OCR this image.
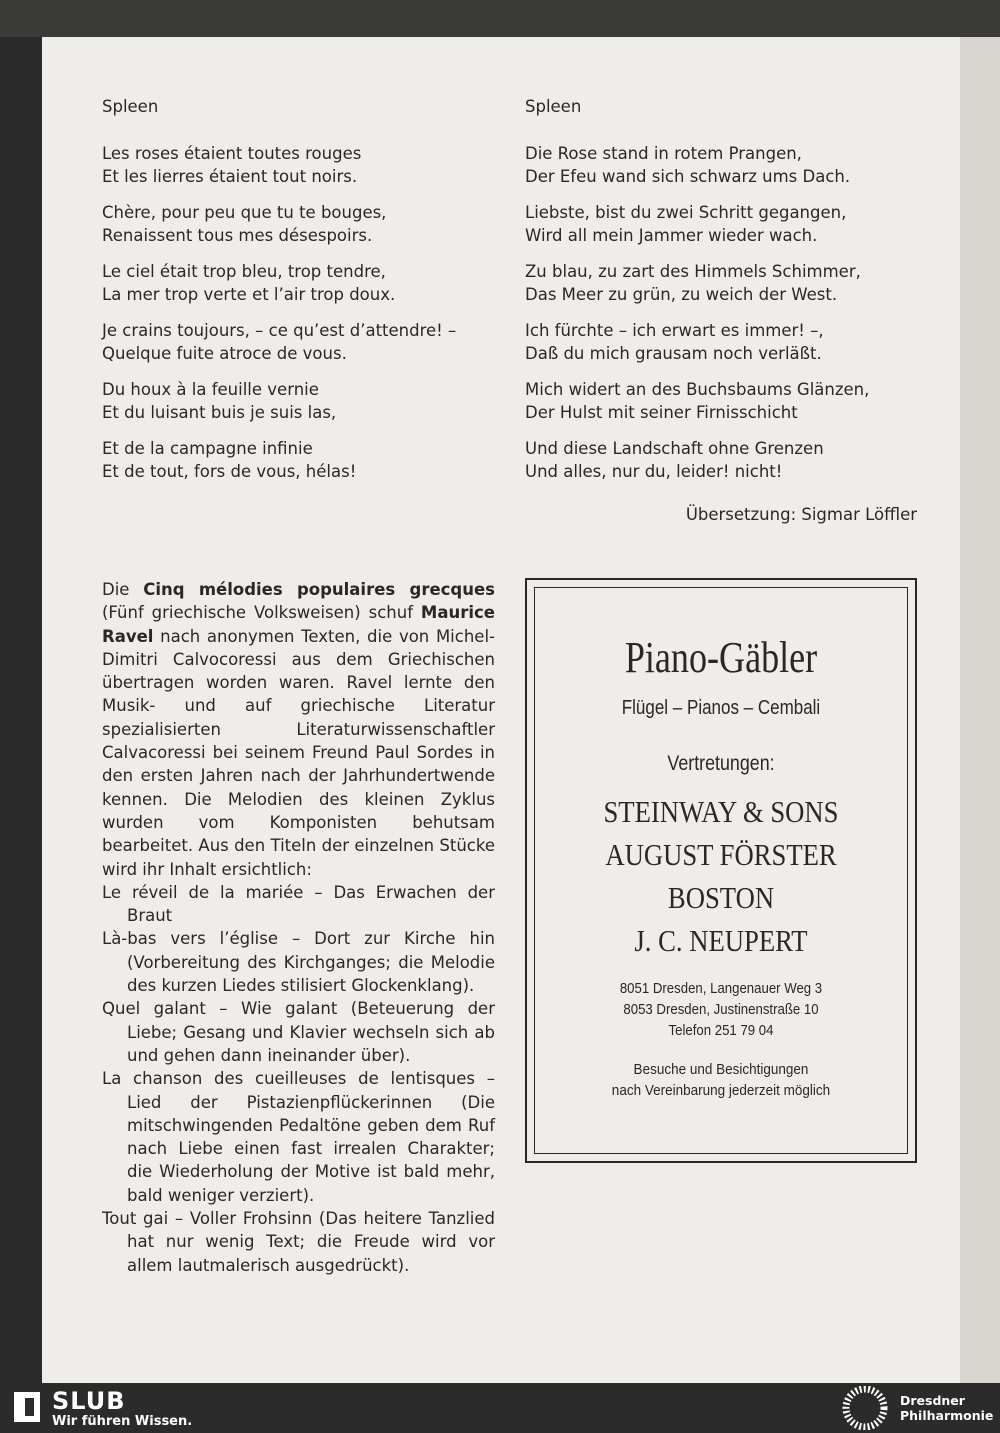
Spleen
Les roses étaient toutes rouges
Et les lierres étaient tout noirs.
Chère, pour peu que tu te bouges,
Renaissent tous mes désespoirs.
Le ciel était trop bleu, trop tendre,
La mer trop verte et l’air trop doux.
Je crains toujours, – ce qu’est d’attendre! –
Quelque fuite atroce de vous.
Du houx à la feuille vernie
Et du luisant buis je suis las,
Et de la campagne infinie
Et de tout, fors de vous, hélas!
Spleen
Die Rose stand in rotem Prangen,
Der Efeu wand sich schwarz ums Dach.
Liebste, bist du zwei Schritt gegangen,
Wird all mein Jammer wieder wach.
Zu blau, zu zart des Himmels Schimmer,
Das Meer zu grün, zu weich der West.
Ich fürchte – ich erwart es immer! –,
Daß du mich grausam noch verläßt.
Mich widert an des Buchsbaums Glänzen,
Der Hulst mit seiner Firnisschicht
Und diese Landschaft ohne Grenzen
Und alles, nur du, leider! nicht!
Übersetzung: Sigmar Löffler

Die Cinq mélodies populaires grecques (Fünf griechische Volksweisen) schuf Maurice Ravel nach anonymen Texten, die von Michel-Dimitri Calvocoressi aus dem Griechischen übertragen worden waren. Ravel lernte den Musik- und auf griechische Literatur spezialisierten Literaturwissenschaftler Calvacoressi bei seinem Freund Paul Sordes in den ersten Jahren nach der Jahrhundertwende kennen. Die Melodien des kleinen Zyklus wurden vom Komponisten behutsam bearbeitet. Aus den Titeln der einzelnen Stücke wird ihr Inhalt ersichtlich:

Le réveil de la mariée – Das Erwachen der Braut

Là-bas vers l’église – Dort zur Kirche hin (Vorbereitung des Kirchganges; die Melodie des kurzen Liedes stilisiert Glockenklang).

Quel galant – Wie galant (Beteuerung der Liebe; Gesang und Klavier wechseln sich ab und gehen dann ineinander über).

La chanson des cueilleuses de lentisques – Lied der Pistazienpflückerinnen (Die mitschwingenden Pedaltöne geben dem Ruf nach Liebe einen fast irrealen Charakter; die Wiederholung der Motive ist bald mehr, bald weniger verziert).

Tout gai – Voller Frohsinn (Das heitere Tanzlied hat nur wenig Text; die Freude wird vor allem lautmalerisch ausgedrückt).

Piano-Gäbler
Flügel – Pianos – Cembali
Vertretungen:
STEINWAY & SONS
AUGUST FÖRSTER
BOSTON
J. C. NEUPERT
8051 Dresden, Langenauer Weg 3
8053 Dresden, Justinenstraße 10
Telefon 251 79 04
Besuche und Besichtigungen
nach Vereinbarung jederzeit möglich
SLUB
Wir führen Wissen.
Dresdner
Philharmonie
